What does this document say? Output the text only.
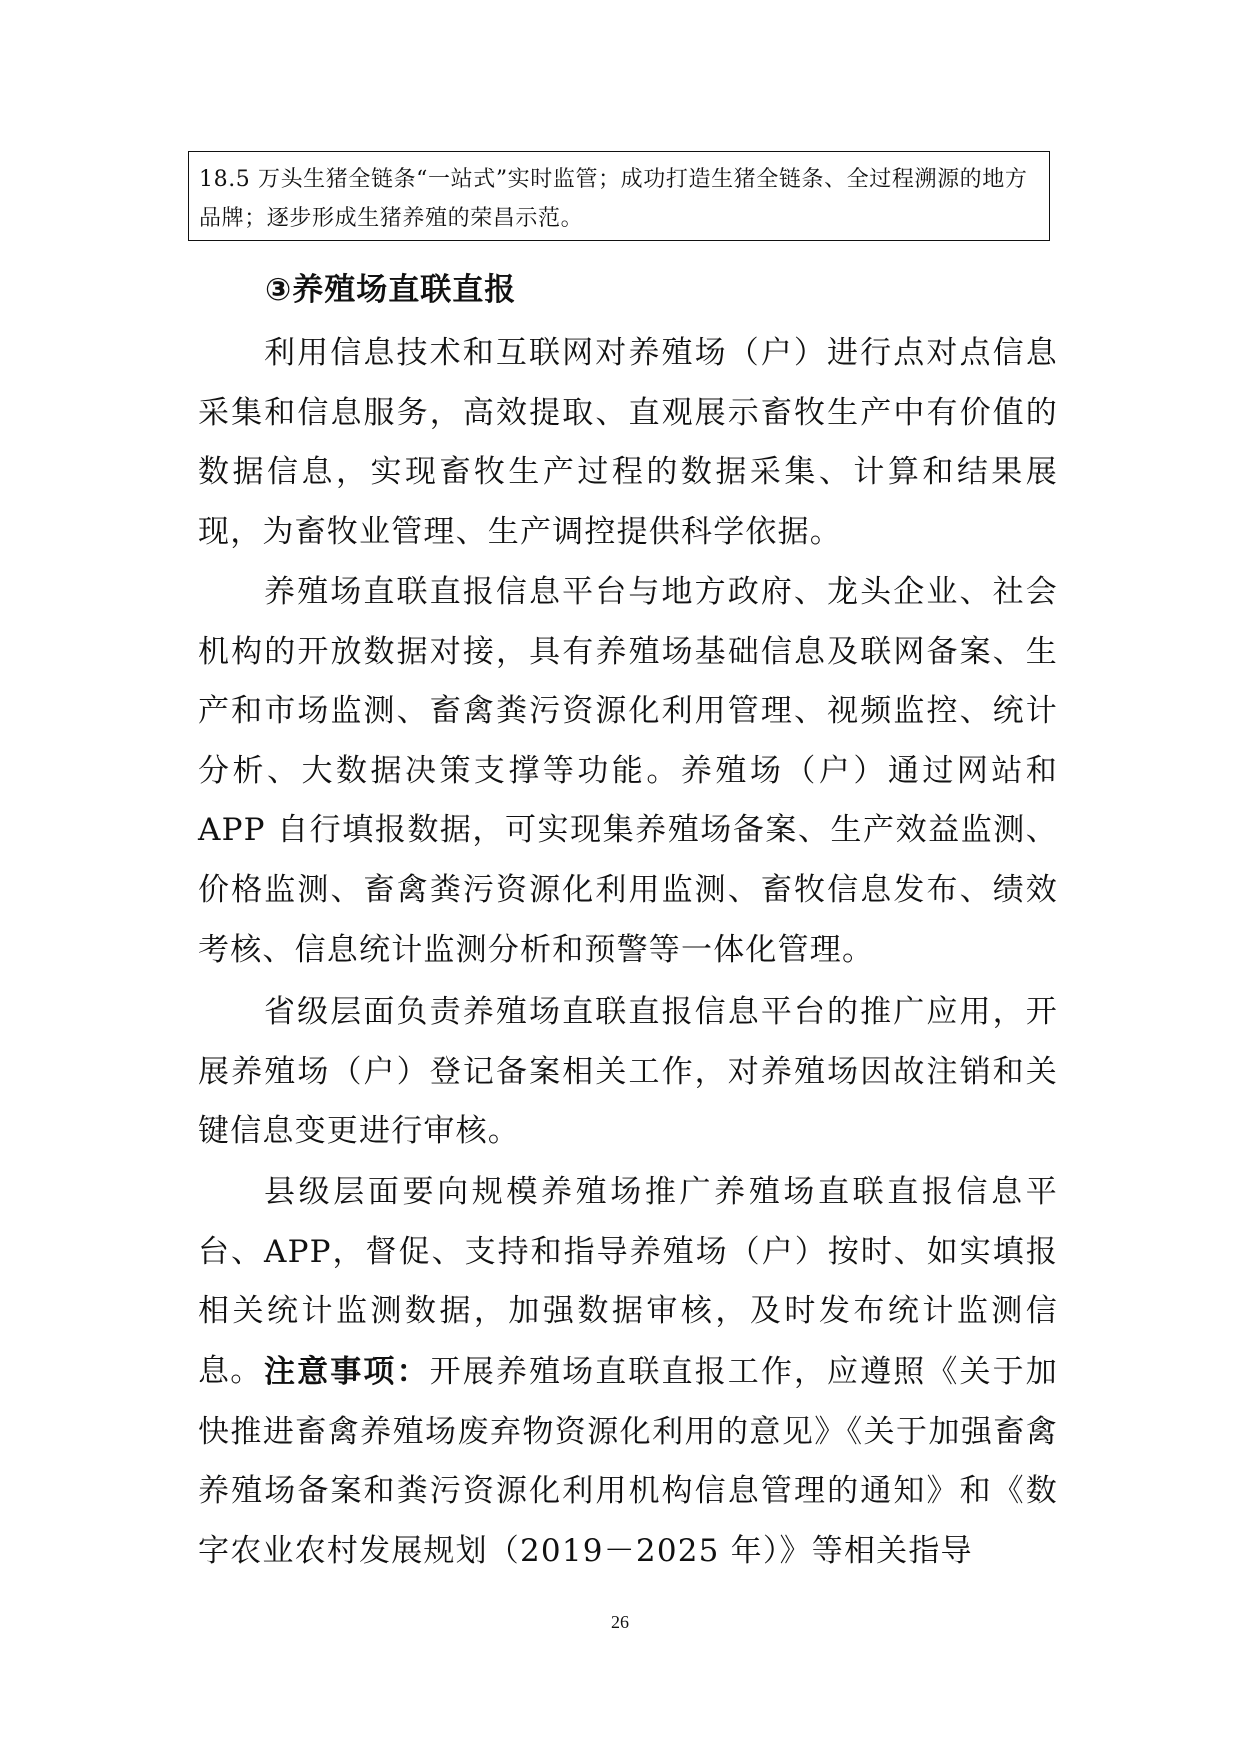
18.5 万头生猪全链条“一站式”实时监管；成功打造生猪全链条、全过程溯源的地方品牌；逐步形成生猪养殖的荣昌示范。
③养殖场直联直报

利用信息技术和互联网对养殖场（户）进行点对点信息采集和信息服务，高效提取、直观展示畜牧生产中有价值的数据信息，实现畜牧生产过程的数据采集、计算和结果展现，为畜牧业管理、生产调控提供科学依据。

养殖场直联直报信息平台与地方政府、龙头企业、社会机构的开放数据对接，具有养殖场基础信息及联网备案、生产和市场监测、畜禽粪污资源化利用管理、视频监控、统计分析、大数据决策支撑等功能。养殖场（户）通过网站和APP 自行填报数据，可实现集养殖场备案、生产效益监测、价格监测、畜禽粪污资源化利用监测、畜牧信息发布、绩效考核、信息统计监测分析和预警等一体化管理。

省级层面负责养殖场直联直报信息平台的推广应用，开展养殖场（户）登记备案相关工作，对养殖场因故注销和关键信息变更进行审核。

县级层面要向规模养殖场推广养殖场直联直报信息平台、APP，督促、支持和指导养殖场（户）按时、如实填报相关统计监测数据，加强数据审核，及时发布统计监测信息。 注意事项：开展养殖场直联直报工作，应遵照《关于加快推进畜禽养殖场废弃物资源化利用的意见》《关于加强畜禽养殖场备案和粪污资源化利用机构信息管理的通知》和《数字农业农村发展规划（2019－2025 年）》等相关指导

26
